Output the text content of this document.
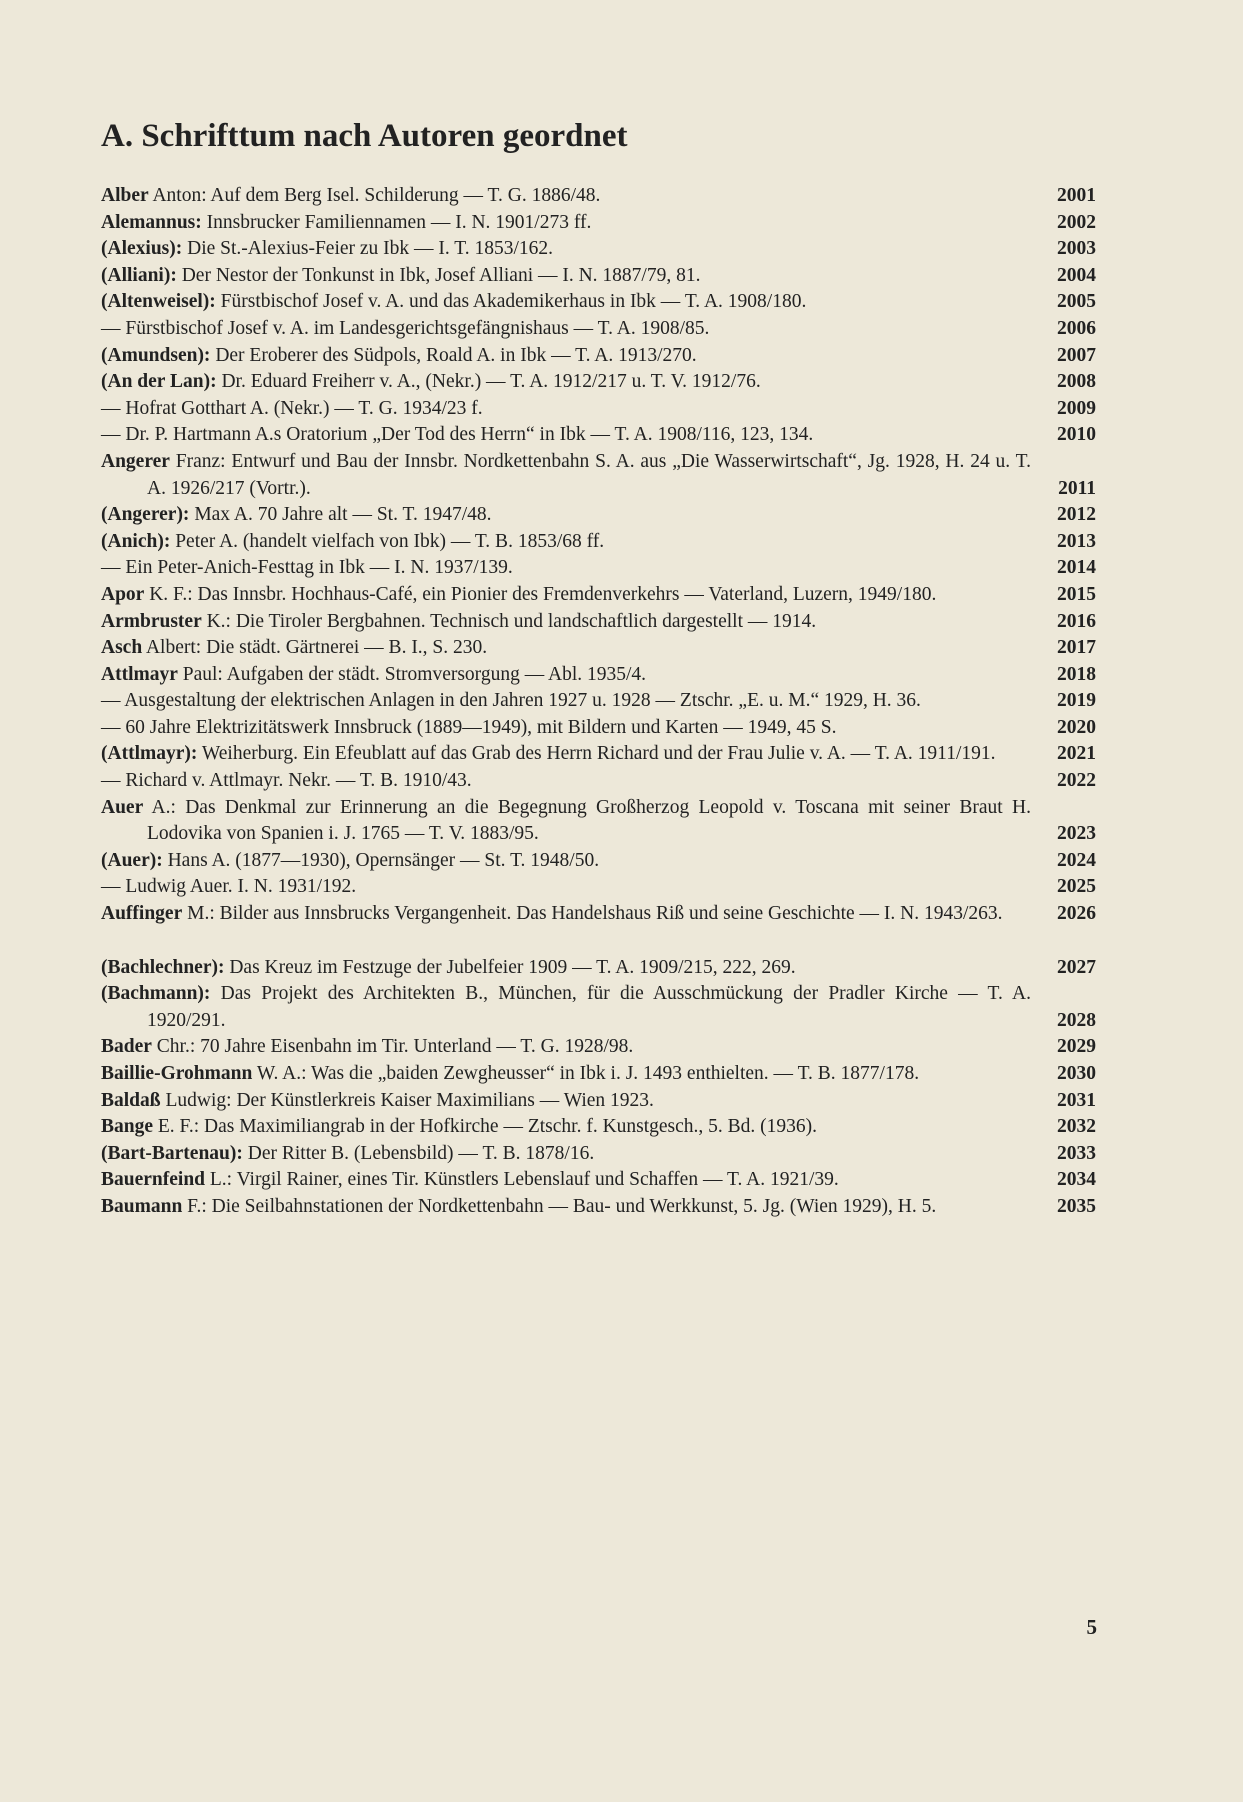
A. Schrifttum nach Autoren geordnet
Alber Anton: Auf dem Berg Isel. Schilderung — T. G. 1886/48.	2001
Alemannus: Innsbrucker Familiennamen — I. N. 1901/273 ff.	2002
(Alexius): Die St.-Alexius-Feier zu Ibk — I. T. 1853/162.	2003
(Alliani): Der Nestor der Tonkunst in Ibk, Josef Alliani — I. N. 1887/79, 81.	2004
(Altenweisel): Fürstbischof Josef v. A. und das Akademikerhaus in Ibk — T. A. 1908/180.	2005
— Fürstbischof Josef v. A. im Landesgerichtsgefängnishaus — T. A. 1908/85.	2006
(Amundsen): Der Eroberer des Südpols, Roald A. in Ibk — T. A. 1913/270.	2007
(An der Lan): Dr. Eduard Freiherr v. A., (Nekr.) — T. A. 1912/217 u. T. V. 1912/76.	2008
— Hofrat Gotthart A. (Nekr.) — T. G. 1934/23 f.	2009
— Dr. P. Hartmann A.s Oratorium „Der Tod des Herrn“ in Ibk — T. A. 1908/116, 123, 134.	2010
Angerer Franz: Entwurf und Bau der Innsbr. Nordkettenbahn S. A. aus „Die Wasserwirtschaft“, Jg. 1928, H. 24 u. T. A. 1926/217 (Vortr.).	2011
(Angerer): Max A. 70 Jahre alt — St. T. 1947/48.	2012
(Anich): Peter A. (handelt vielfach von Ibk) — T. B. 1853/68 ff.	2013
— Ein Peter-Anich-Festtag in Ibk — I. N. 1937/139.	2014
Apor K. F.: Das Innsbr. Hochhaus-Café, ein Pionier des Fremdenverkehrs — Vaterland, Luzern, 1949/180.	2015
Armbruster K.: Die Tiroler Bergbahnen. Technisch und landschaftlich dargestellt — 1914.	2016
Asch Albert: Die städt. Gärtnerei — B. I., S. 230.	2017
Attlmayr Paul: Aufgaben der städt. Stromversorgung — Abl. 1935/4.	2018
— Ausgestaltung der elektrischen Anlagen in den Jahren 1927 u. 1928 — Ztschr. „E. u. M.“ 1929, H. 36.	2019
— 60 Jahre Elektrizitätswerk Innsbruck (1889—1949), mit Bildern und Karten — 1949, 45 S.	2020
(Attlmayr): Weiherburg. Ein Efeublatt auf das Grab des Herrn Richard und der Frau Julie v. A. — T. A. 1911/191.	2021
— Richard v. Attlmayr. Nekr. — T. B. 1910/43.	2022
Auer A.: Das Denkmal zur Erinnerung an die Begegnung Großherzog Leopold v. Toscana mit seiner Braut H. Lodovika von Spanien i. J. 1765 — T. V. 1883/95.	2023
(Auer): Hans A. (1877—1930), Opernsänger — St. T. 1948/50.	2024
— Ludwig Auer. I. N. 1931/192.	2025
Auffinger M.: Bilder aus Innsbrucks Vergangenheit. Das Handelshaus Riß und seine Geschichte — I. N. 1943/263.	2026
(Bachlechner): Das Kreuz im Festzuge der Jubelfeier 1909 — T. A. 1909/215, 222, 269.	2027
(Bachmann): Das Projekt des Architekten B., München, für die Ausschmückung der Pradler Kirche — T. A. 1920/291.	2028
Bader Chr.: 70 Jahre Eisenbahn im Tir. Unterland — T. G. 1928/98.	2029
Baillie-Grohmann W. A.: Was die „baiden Zewgheusser“ in Ibk i. J. 1493 enthielten. — T. B. 1877/178.	2030
Baldaß Ludwig: Der Künstlerkreis Kaiser Maximilians — Wien 1923.	2031
Bange E. F.: Das Maximiliangrab in der Hofkirche — Ztschr. f. Kunstgesch., 5. Bd. (1936).	2032
(Bart-Bartenau): Der Ritter B. (Lebensbild) — T. B. 1878/16.	2033
Bauernfeind L.: Virgil Rainer, eines Tir. Künstlers Lebenslauf und Schaffen — T. A. 1921/39.	2034
Baumann F.: Die Seilbahnstationen der Nordkettenbahn — Bau- und Werkkunst, 5. Jg. (Wien 1929), H. 5.	2035
5
